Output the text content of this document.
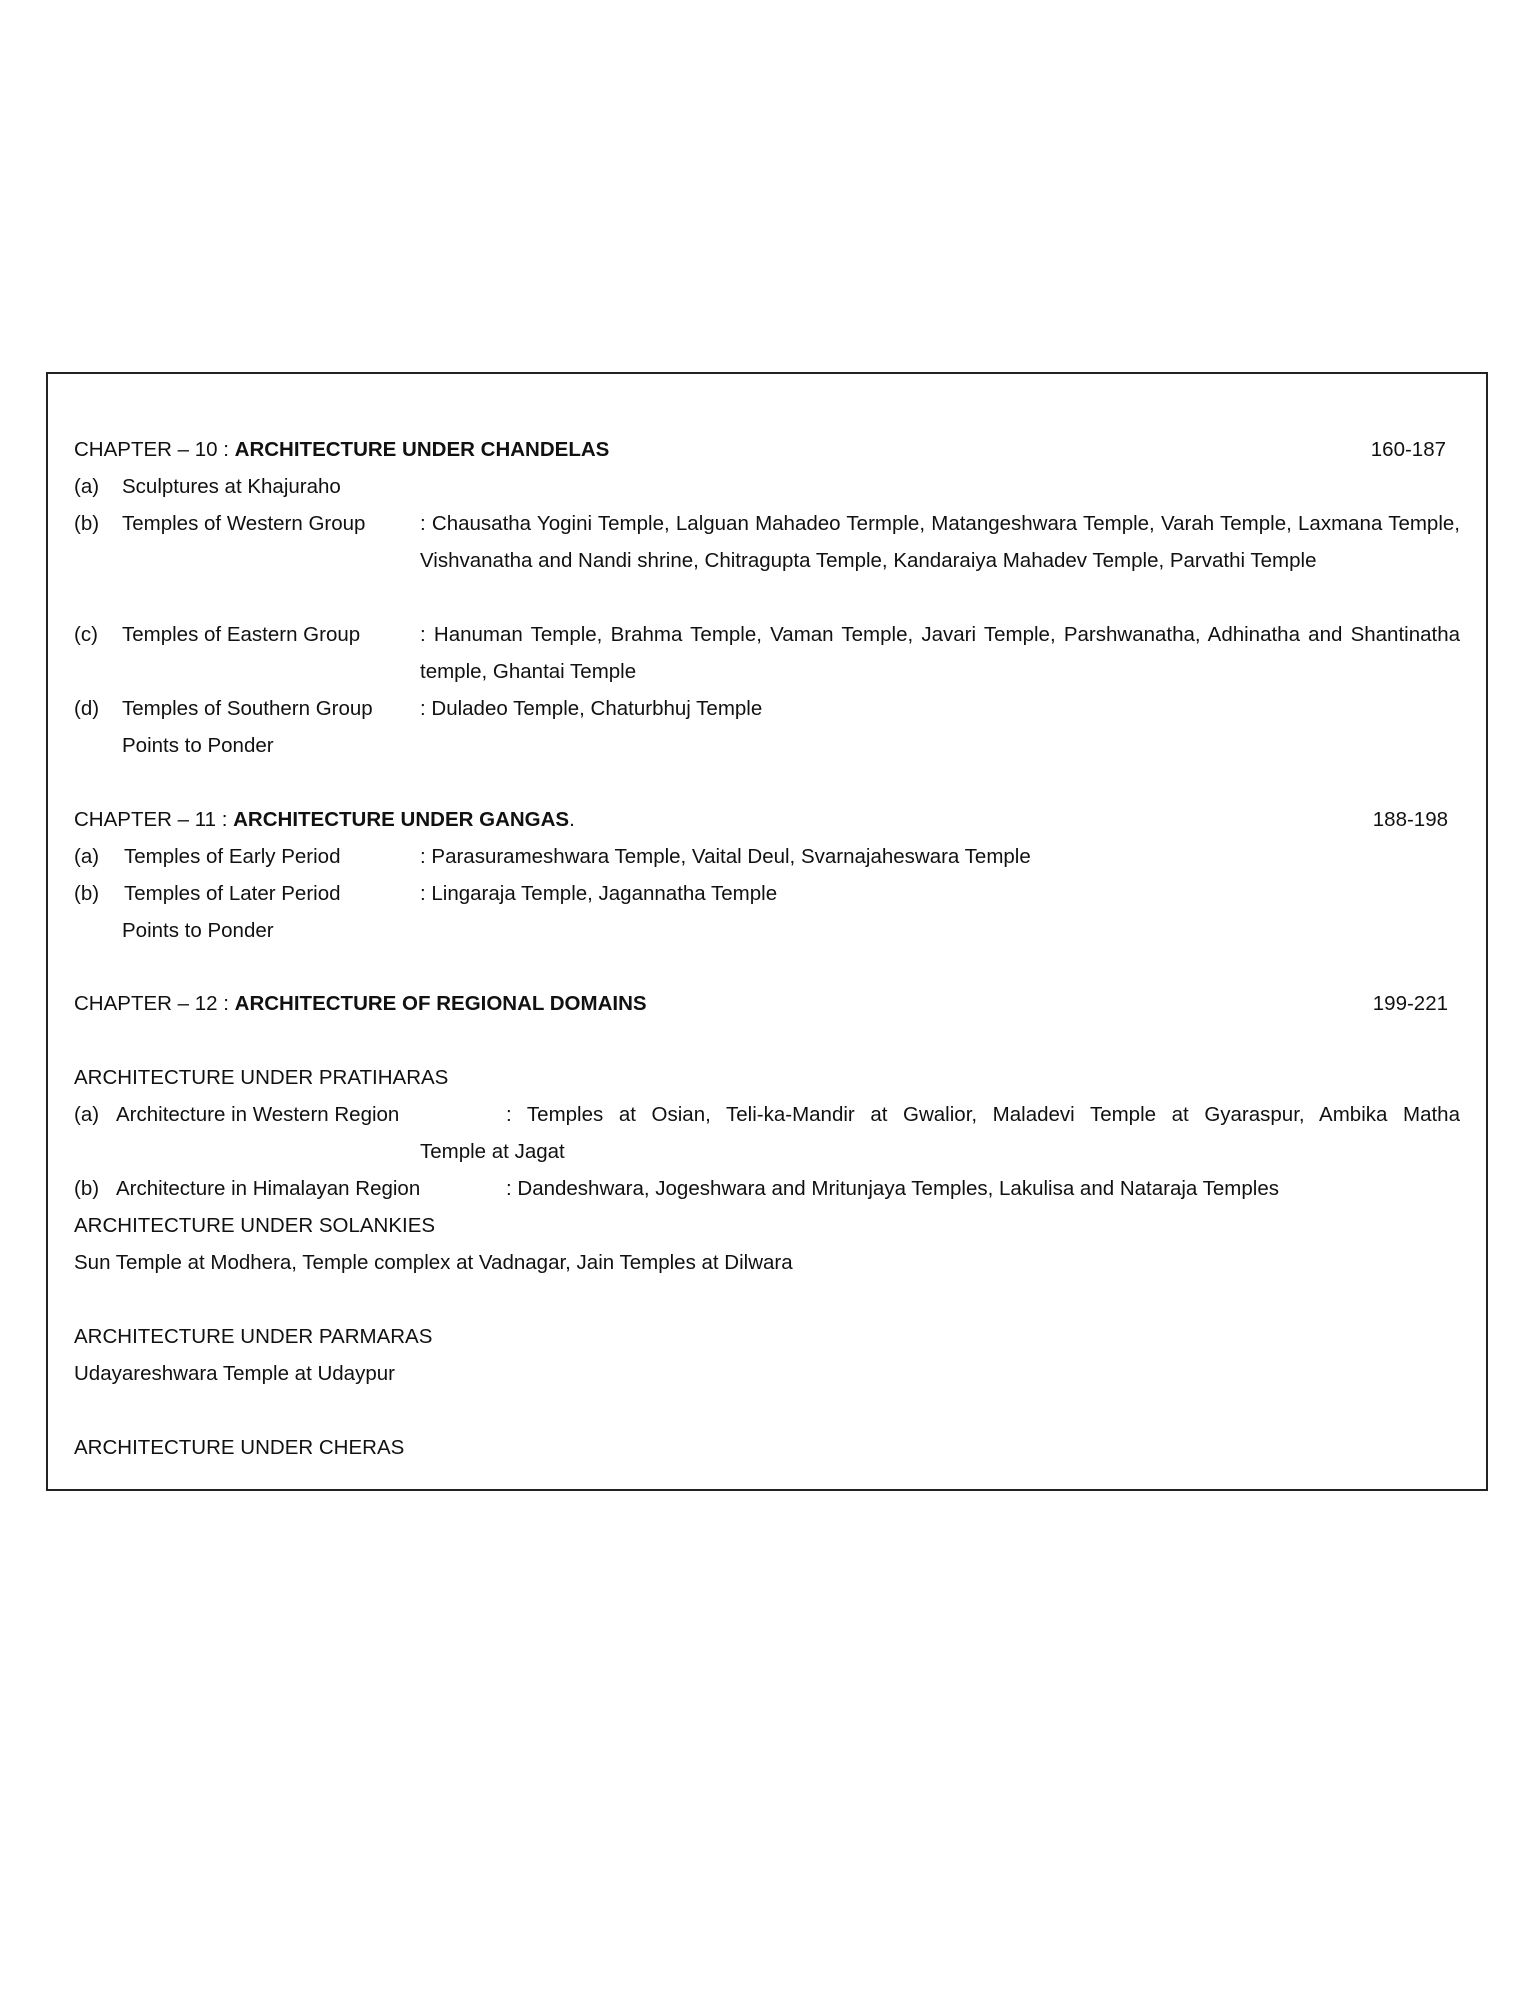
CHAPTER – 10 : ARCHITECTURE UNDER CHANDELAS	160-187
(a) Sculptures at Khajuraho
(b) Temples of Western Group	: Chausatha Yogini Temple, Lalguan Mahadeo Termple, Matangeshwara Temple, Varah Temple, Laxmana Temple, Vishvanatha and Nandi shrine, Chitragupta Temple, Kandaraiya Mahadev Temple, Parvathi Temple
(c) Temples of Eastern Group	: Hanuman Temple, Brahma Temple, Vaman Temple, Javari Temple, Parshwanatha, Adhinatha and Shantinatha temple, Ghantai Temple
(d) Temples of Southern Group : Duladeo Temple, Chaturbhuj Temple
Points to Ponder
CHAPTER – 11 : ARCHITECTURE UNDER GANGAS.	188-198
(a) Temples of Early Period	: Parasurameshwara Temple, Vaital Deul, Svarnajaheswara Temple
(b) Temples of Later Period	: Lingaraja Temple, Jagannatha Temple
Points to Ponder
CHAPTER – 12 : ARCHITECTURE OF REGIONAL DOMAINS	199-221
ARCHITECTURE UNDER PRATIHARAS
(a) Architecture in Western Region	: Temples at Osian, Teli-ka-Mandir at Gwalior, Maladevi Temple at Gyaraspur, Ambika Matha
Temple at Jagat
(b) Architecture in Himalayan Region	: Dandeshwara, Jogeshwara and Mritunjaya Temples, Lakulisa and Nataraja Temples
ARCHITECTURE UNDER SOLANKIES
Sun Temple at Modhera, Temple complex at Vadnagar, Jain Temples at Dilwara
ARCHITECTURE UNDER PARMARAS
Udayareshwara Temple at Udaypur
ARCHITECTURE UNDER CHERAS
